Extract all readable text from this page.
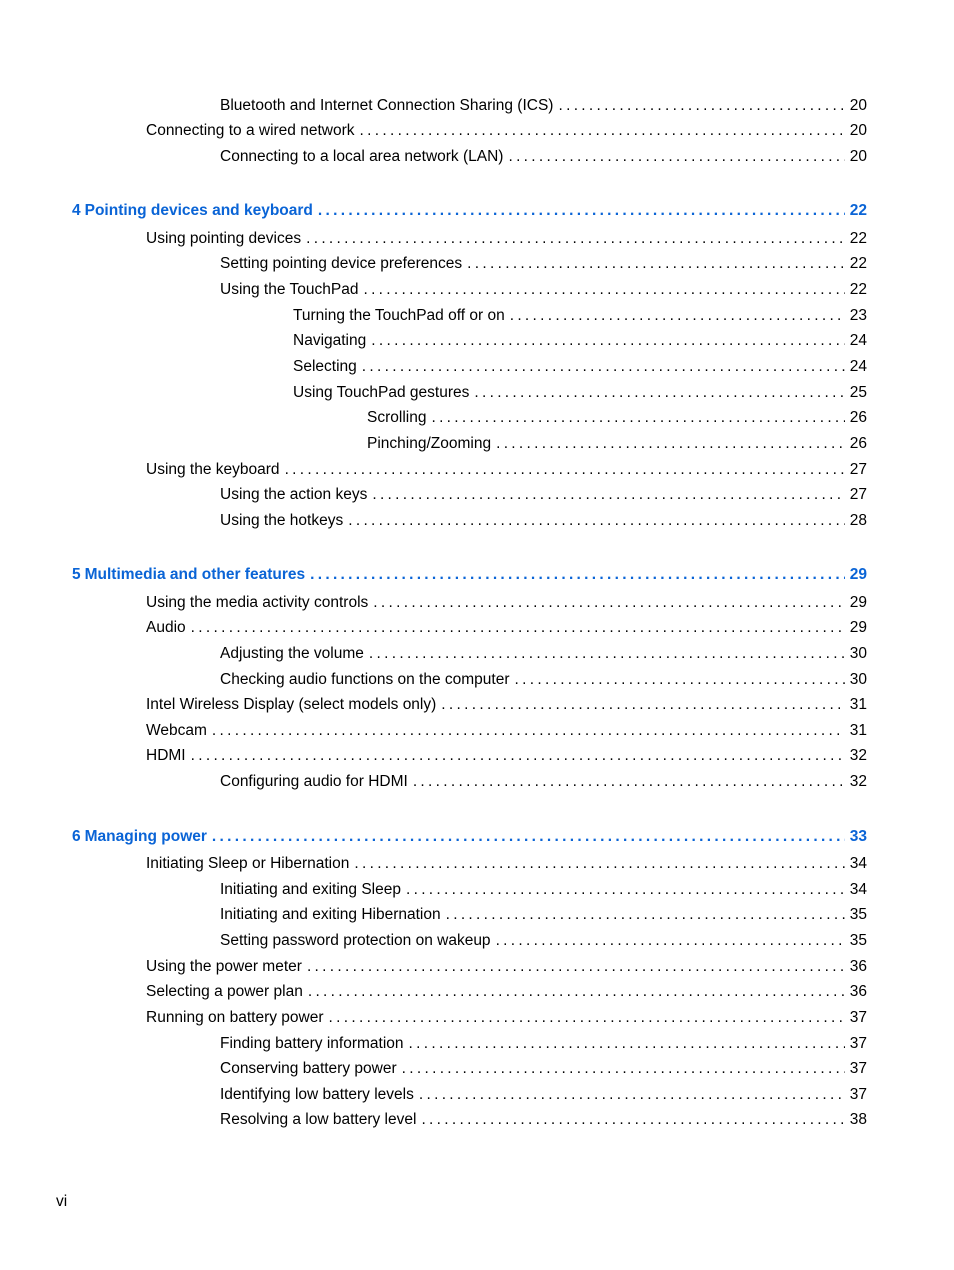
Bluetooth and Internet Connection Sharing (ICS) . . .	20
Connecting to a wired network . . .	20
Connecting to a local area network (LAN) . . .	20
4 Pointing devices and keyboard . . .	22
Using pointing devices . . .	22
Setting pointing device preferences . . .	22
Using the TouchPad . . .	22
Turning the TouchPad off or on . . .	23
Navigating . . .	24
Selecting . . .	24
Using TouchPad gestures . . .	25
Scrolling . . .	26
Pinching/Zooming . . .	26
Using the keyboard . . .	27
Using the action keys . . .	27
Using the hotkeys . . .	28
5 Multimedia and other features . . .	29
Using the media activity controls . . .	29
Audio . . .	29
Adjusting the volume . . .	30
Checking audio functions on the computer . . .	30
Intel Wireless Display (select models only) . . .	31
Webcam . . .	31
HDMI . . .	32
Configuring audio for HDMI . . .	32
6 Managing power . . .	33
Initiating Sleep or Hibernation . . .	34
Initiating and exiting Sleep . . .	34
Initiating and exiting Hibernation . . .	35
Setting password protection on wakeup . . .	35
Using the power meter . . .	36
Selecting a power plan . . .	36
Running on battery power . . .	37
Finding battery information . . .	37
Conserving battery power . . .	37
Identifying low battery levels . . .	37
Resolving a low battery level . . .	38
vi
